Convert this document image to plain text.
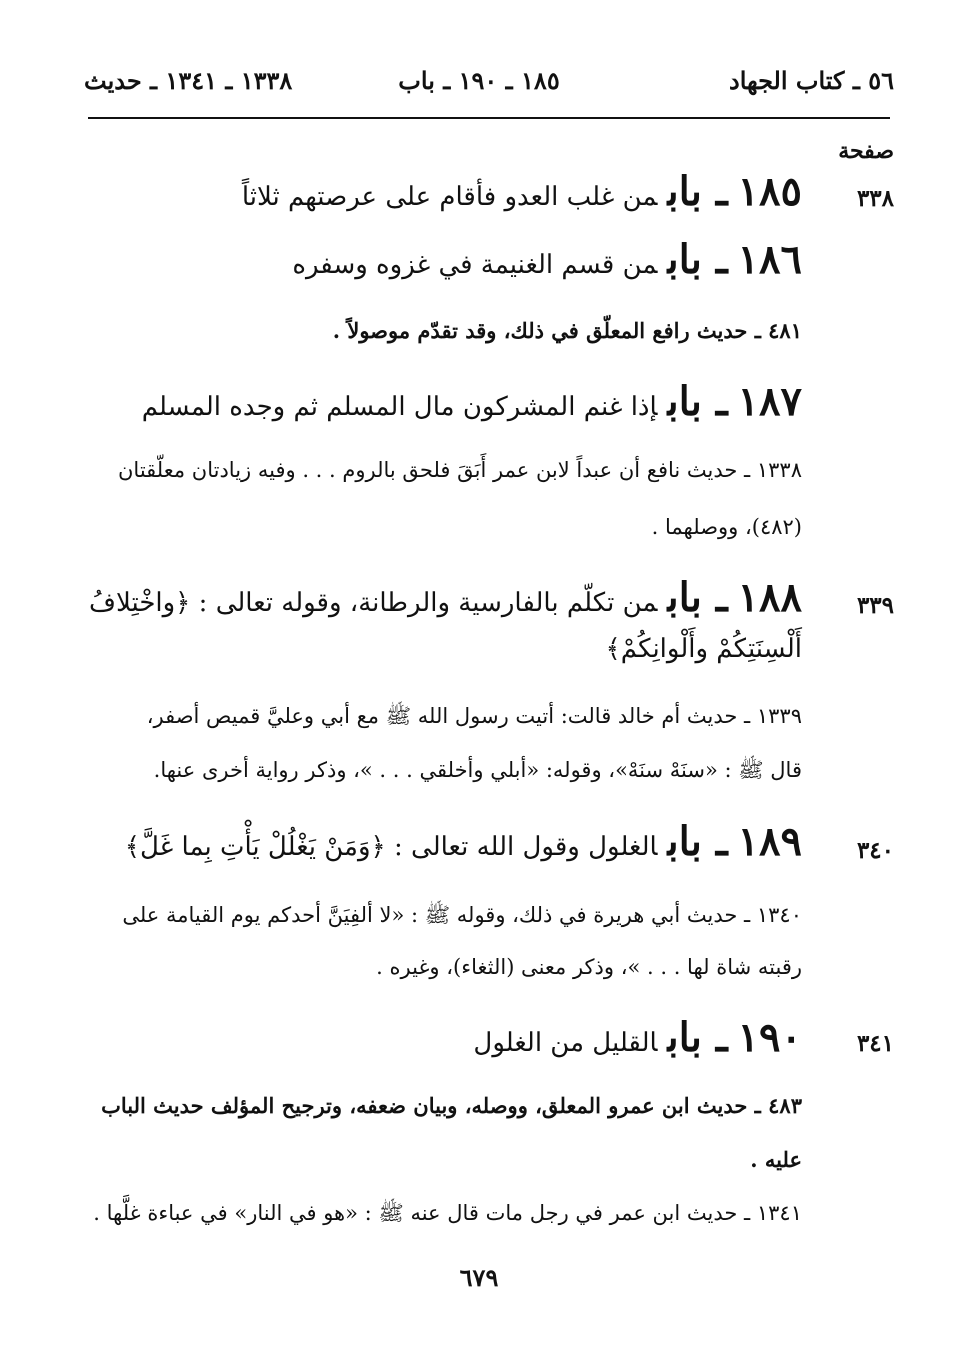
٥٦ ـ كتاب الجهاد
١٨٥ ـ ١٩٠ ـ باب
١٣٣٨ ـ ١٣٤١ ـ حديث
صفحة
٣٣٨
١٨٥ـ بابمن غلب العدو فأقام على عرصتهم ثلاثاً
١٨٦ـ بابمن قسم الغنيمة في غزوه وسفره
٤٨١ ـ حديث رافع المعلّق في ذلك، وقد تقدّم موصولاً .
١٨٧ـ بابإذا غنم المشركون مال المسلم ثم وجده المسلم
١٣٣٨ ـ حديث نافع أن عبداً لابن عمر أَبَقَ فلحق بالروم . . . وفيه زيادتان معلّقتان
(٤٨٢)، ووصلهما .
٣٣٩
١٨٨ـ بابمن تكلّم بالفارسية والرطانة، وقوله تعالى : ﴿واخْتِلافُ
أَلْسِنَتِكُمْ وأَلْوانِكُمْ﴾
١٣٣٩ ـ حديث أم خالد قالت: أتيت رسول الله ﷺ مع أبي وعليَّ قميص أصفر،
قال ﷺ : «سنَهْ سنَهْ»، وقوله: «أبلي وأخلقي . . . »، وذكر رواية أخرى عنها.
٣٤٠
١٨٩ـ بابالغلول وقول الله تعالى : ﴿وَمَنْ يَغْلُلْ يَأْتِ بِما غَلَّ﴾
١٣٤٠ ـ حديث أبي هريرة في ذلك، وقوله ﷺ : «لا ألفِيَنَّ أحدكم يوم القيامة على
رقبته شاة لها . . . »، وذكر معنى (الثغاء)، وغيره .
٣٤١
١٩٠ـ بابالقليل من الغلول
٤٨٣ ـ حديث ابن عمرو المعلق، ووصله، وبيان ضعفه، وترجيح المؤلف حديث الباب
عليه .
١٣٤١ ـ حديث ابن عمر في رجل مات قال عنه ﷺ : «هو في النار» في عباءة غلَّها .
٦٧٩
